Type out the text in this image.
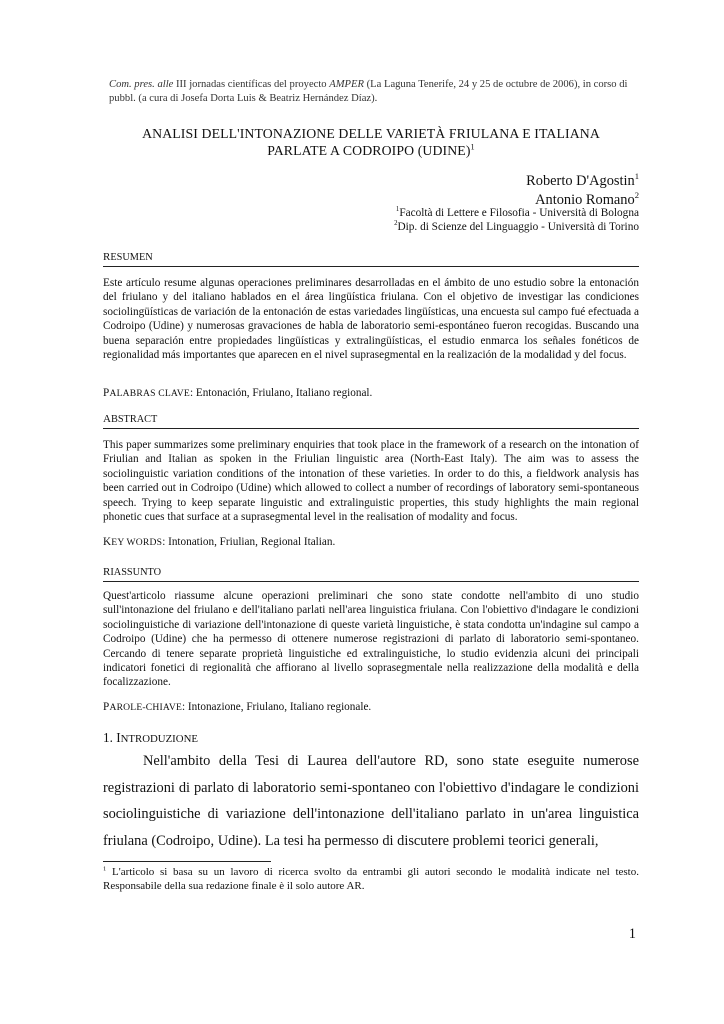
Com. pres. alle III jornadas científicas del proyecto AMPER (La Laguna Tenerife, 24 y 25 de octubre de 2006), in corso di pubbl. (a cura di Josefa Dorta Luis & Beatriz Hernández Díaz).
ANALISI DELL'INTONAZIONE DELLE VARIETÀ FRIULANA E ITALIANA
PARLATE A CODROIPO (UDINE)$^1$
Roberto D'Agostin$^1$
Antonio Romano$^2$
$^1$Facoltà di Lettere e Filosofia - Università di Bologna
$^2$Dip. di Scienze del Linguaggio - Università di Torino
RESUMEN
Este artículo resume algunas operaciones preliminares desarrolladas en el ámbito de uno estudio sobre la entonación del friulano y del italiano hablados en el área lingüística friulana. Con el objetivo de investigar las condiciones sociolingüísticas de variación de la entonación de estas variedades lingüísticas, una encuesta sul campo fué efectuada a Codroipo (Udine) y numerosas gravaciones de habla de laboratorio semi-espontáneo fueron recogidas. Buscando una buena separación entre propiedades lingüísticas y extralingüísticas, el estudio enmarca los señales fonéticos de regionalidad más importantes que aparecen en el nivel suprasegmental en la realización de la modalidad y del focus.
PALABRAS CLAVE: Entonación, Friulano, Italiano regional.
ABSTRACT
This paper summarizes some preliminary enquiries that took place in the framework of a research on the intonation of Friulian and Italian as spoken in the Friulian linguistic area (North-East Italy). The aim was to assess the sociolinguistic variation conditions of the intonation of these varieties. In order to do this, a fieldwork analysis has been carried out in Codroipo (Udine) which allowed to collect a number of recordings of laboratory semi-spontaneous speech. Trying to keep separate linguistic and extralinguistic properties, this study highlights the main regional phonetic cues that surface at a suprasegmental level in the realisation of modality and focus.
KEY WORDS: Intonation, Friulian, Regional Italian.
RIASSUNTO
Quest'articolo riassume alcune operazioni preliminari che sono state condotte nell'ambito di uno studio sull'intonazione del friulano e dell'italiano parlati nell'area linguistica friulana. Con l'obiettivo d'indagare le condizioni sociolinguistiche di variazione dell'intonazione di queste varietà linguistiche, è stata condotta un'indagine sul campo a Codroipo (Udine) che ha permesso di ottenere numerose registrazioni di parlato di laboratorio semi-spontaneo. Cercando di tenere separate proprietà linguistiche ed extralinguistiche, lo studio evidenzia alcuni dei principali indicatori fonetici di regionalità che affiorano al livello soprasegmentale nella realizzazione della modalità e della focalizzazione.
PAROLE-CHIAVE: Intonazione, Friulano, Italiano regionale.
1. INTRODUZIONE
Nell'ambito della Tesi di Laurea dell'autore RD, sono state eseguite numerose registrazioni di parlato di laboratorio semi-spontaneo con l'obiettivo d'indagare le condizioni sociolinguistiche di variazione dell'intonazione dell'italiano parlato in un'area linguistica friulana (Codroipo, Udine). La tesi ha permesso di discutere problemi teorici generali,
$^1$ L'articolo si basa su un lavoro di ricerca svolto da entrambi gli autori secondo le modalità indicate nel testo. Responsabile della sua redazione finale è il solo autore AR.
1
